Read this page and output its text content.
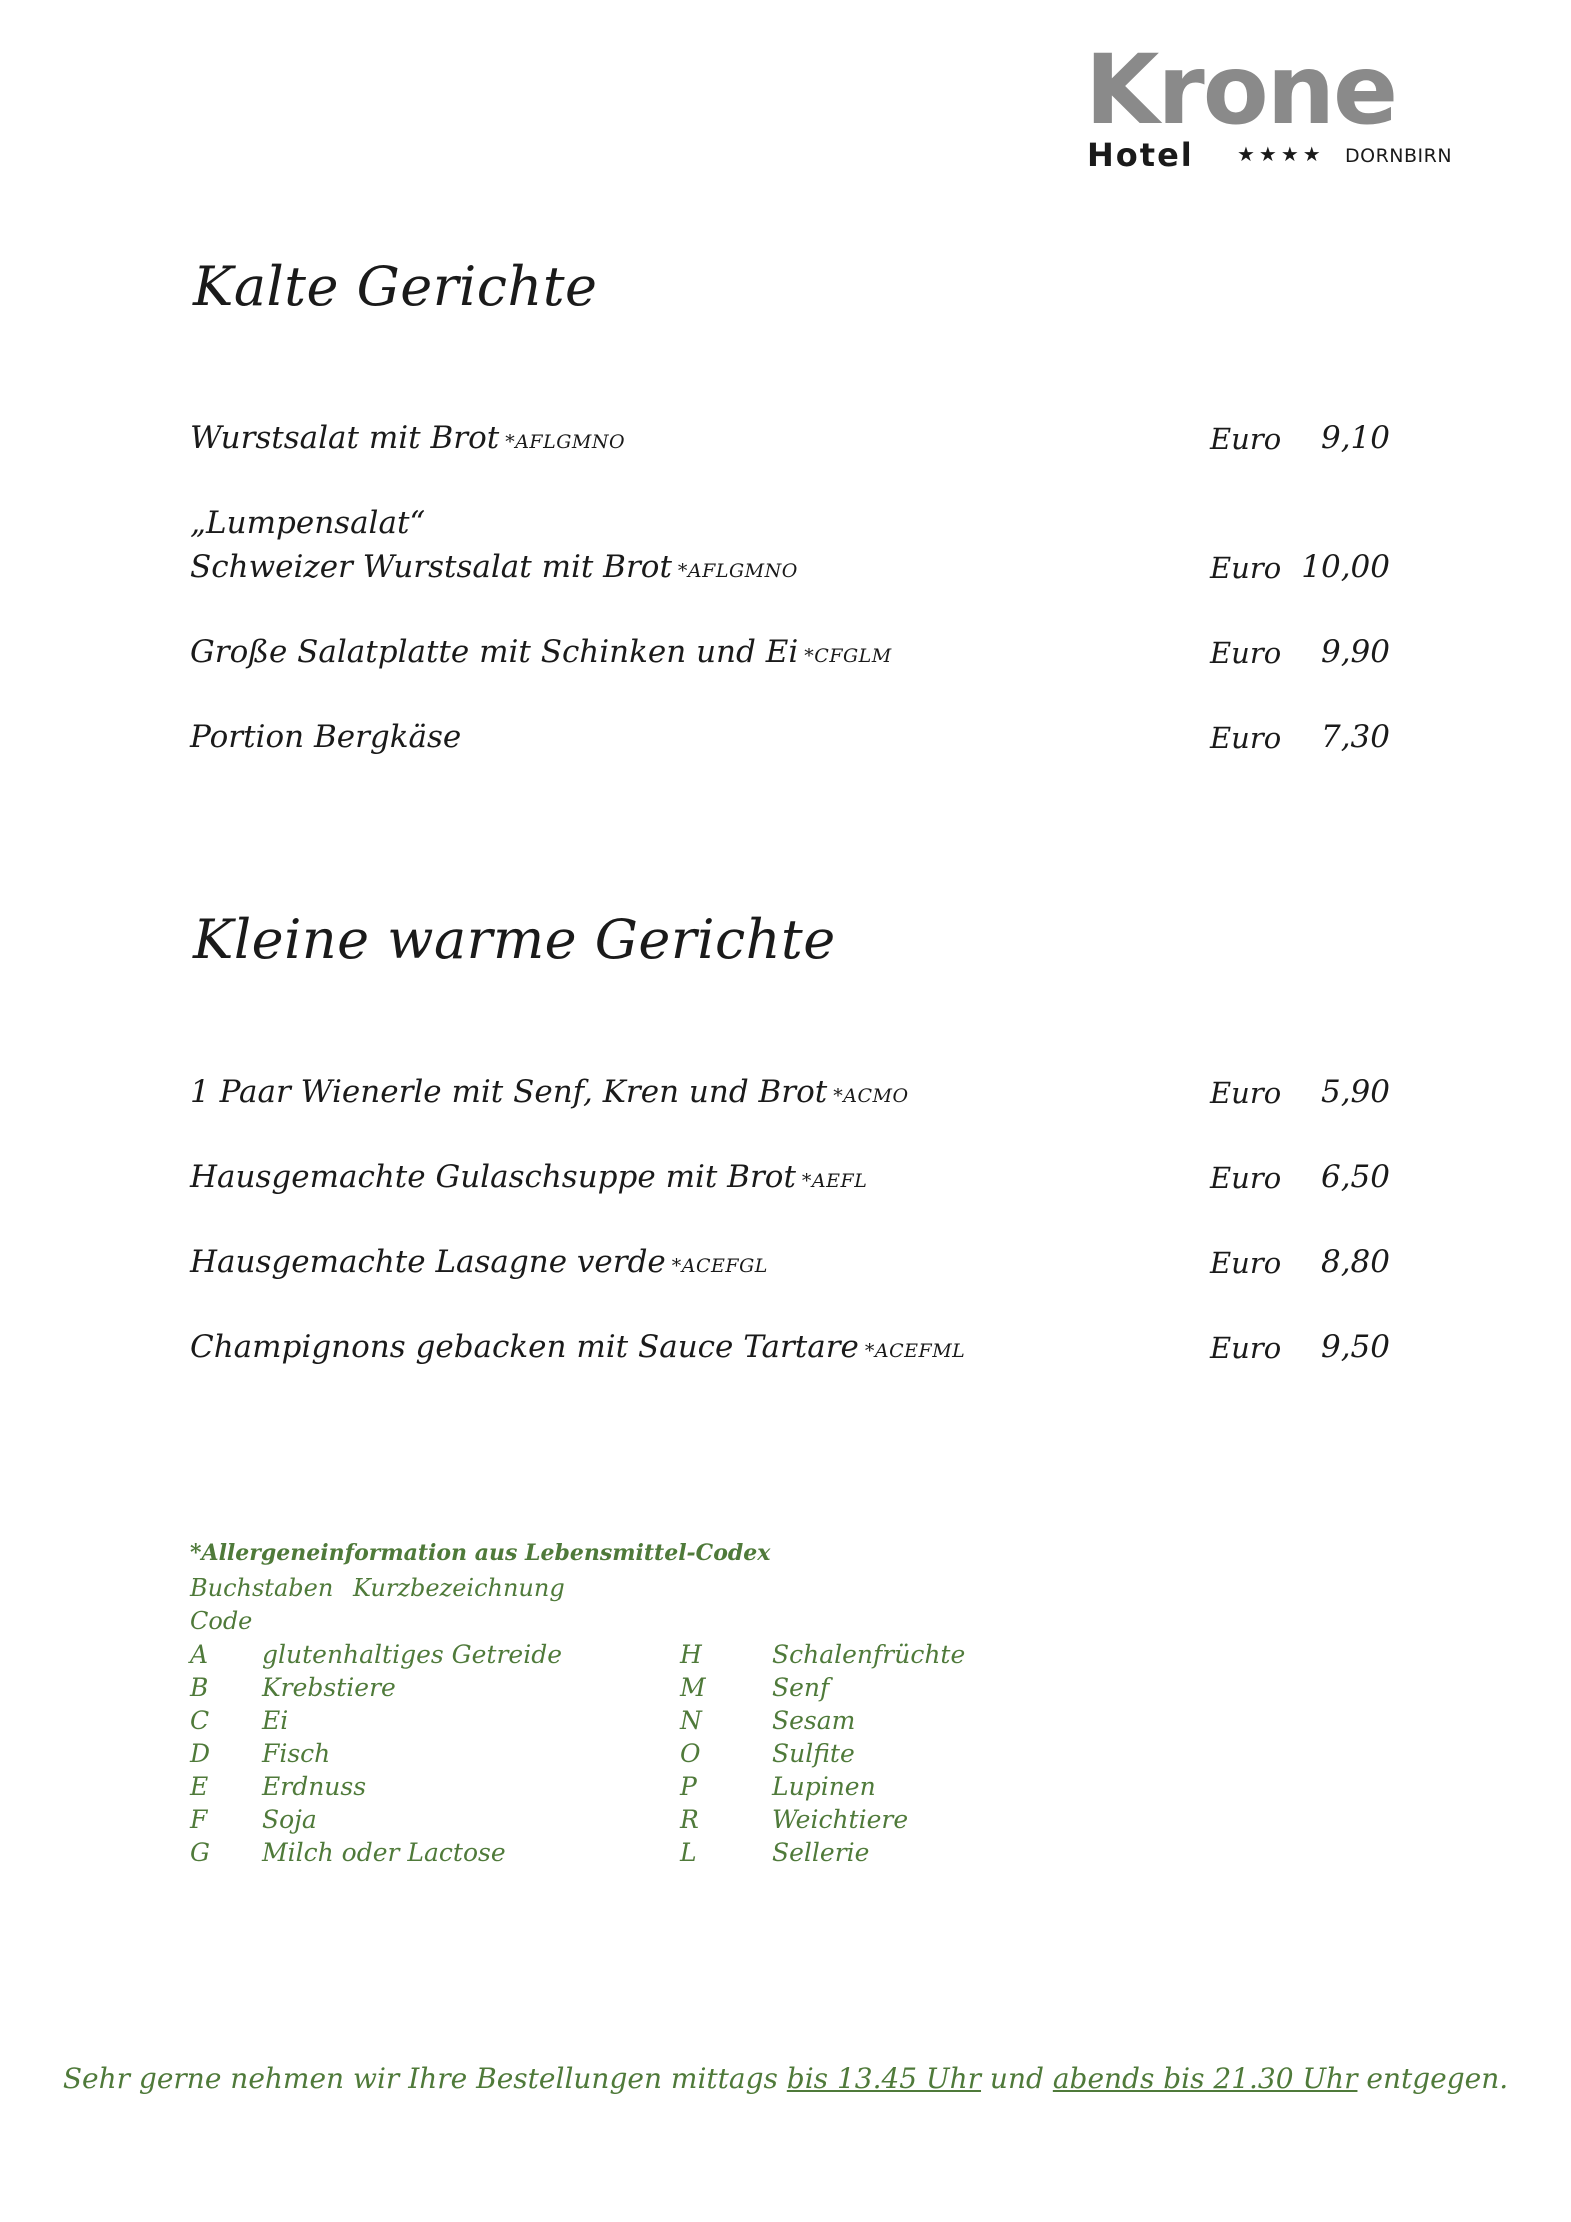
Krone
Hotel ★★★★ DORNBIRN
Kalte Gerichte
Wurstsalat mit Brot *AFLGMNO	Euro	9,10
„Lumpensalat“
Schweizer Wurstsalat mit Brot *AFLGMNO	Euro 10,00
Große Salatplatte mit Schinken und Ei *CFGLM	Euro	9,90
Portion Bergkäse	Euro	7,30
Kleine warme Gerichte
1 Paar Wienerle mit Senf, Kren und Brot *ACMO	Euro	5,90
Hausgemachte Gulaschsuppe mit Brot *AEFL	Euro	6,50
Hausgemachte Lasagne verde *ACEFGL	Euro	8,80
Champignons gebacken mit Sauce Tartare *ACEFML	Euro	9,50
*Allergeneinformation aus Lebensmittel-Codex
Buchstaben Kurzbezeichnung
Code
A glutenhaltiges Getreide
B Krebstiere
C Ei
D Fisch
E Erdnuss
F Soja
G Milch oder Lactose
H	Schalenfrüchte
M	Senf
N	Sesam
O	Sulfite
P	Lupinen
R	Weichtiere
L	Sellerie
Sehr gerne nehmen wir Ihre Bestellungen mittags bis 13.45 Uhr und abends bis 21.30 Uhr entgegen.
